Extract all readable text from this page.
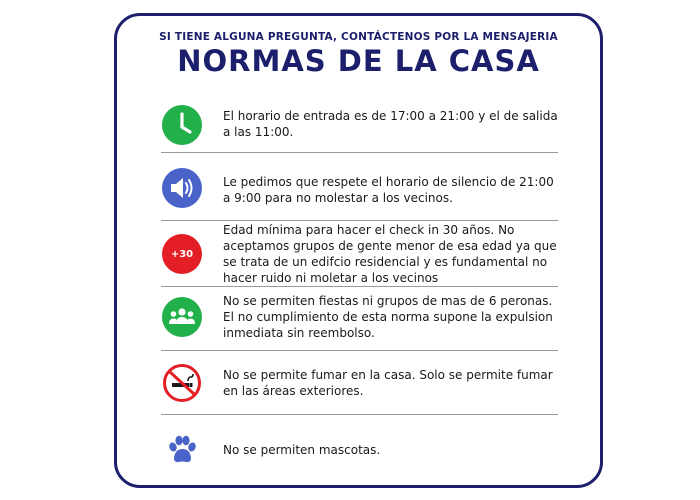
SI TIENE ALGUNA PREGUNTA, CONTÁCTENOS POR LA MENSAJERIA
NORMAS DE LA CASA
El horario de entrada es de 17:00 a 21:00 y el de salida a las 11:00.
Le pedimos que respete el horario de silencio de 21:00 a 9:00 para no molestar a los vecinos.
+30
Edad mínima para hacer el check in 30 años. No aceptamos grupos de gente menor de esa edad ya que se trata de un edifcio residencial y es fundamental no hacer ruido ni moletar a los vecinos
No se permiten fiestas ni grupos de mas de 6 peronas. El no cumplimiento de esta norma supone la expulsion inmediata sin reembolso.
No se permite fumar en la casa. Solo se permite fumar en las áreas exteriores.
No se permiten mascotas.
